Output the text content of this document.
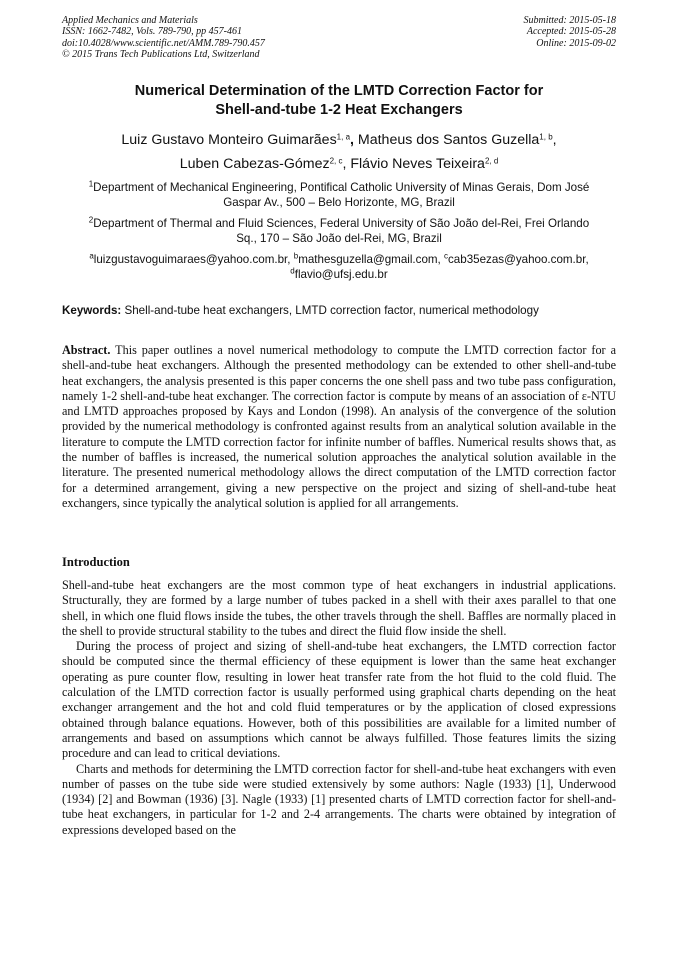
Applied Mechanics and Materials
ISSN: 1662-7482, Vols. 789-790, pp 457-461
doi:10.4028/www.scientific.net/AMM.789-790.457
© 2015 Trans Tech Publications Ltd, Switzerland
Submitted: 2015-05-18
Accepted: 2015-05-28
Online: 2015-09-02
Numerical Determination of the LMTD Correction Factor for
Shell-and-tube 1-2 Heat Exchangers
Luiz Gustavo Monteiro Guimarães$^{1, a}$, Matheus dos Santos Guzella$^{1, b}$,
Luben Cabezas-Gómez$^{2, c}$, Flávio Neves Teixeira$^{2, d}$
$^1$Department of Mechanical Engineering, Pontifical Catholic University of Minas Gerais, Dom José
Gaspar Av., 500 – Belo Horizonte, MG, Brazil
$^2$Department of Thermal and Fluid Sciences, Federal University of São João del-Rei, Frei Orlando
Sq., 170 – São João del-Rei, MG, Brazil
$^a$luizgustavoguimaraes@yahoo.com.br, $^b$mathesguzella@gmail.com, $^c$cab35ezas@yahoo.com.br,
$^d$flavio@ufsj.edu.br
Keywords: Shell-and-tube heat exchangers, LMTD correction factor, numerical methodology
Abstract. This paper outlines a novel numerical methodology to compute the LMTD correction factor for a shell-and-tube heat exchangers. Although the presented methodology can be extended to other shell-and-tube heat exchangers, the analysis presented is this paper concerns the one shell pass and two tube pass configuration, namely 1-2 shell-and-tube heat exchanger. The correction factor is compute by means of an association of ε-NTU and LMTD approaches proposed by Kays and London (1998). An analysis of the convergence of the solution provided by the numerical methodology is confronted against results from an analytical solution available in the literature to compute the LMTD correction factor for infinite number of baffles. Numerical results shows that, as the number of baffles is increased, the numerical solution approaches the analytical solution available in the literature. The presented numerical methodology allows the direct computation of the LMTD correction factor for a determined arrangement, giving a new perspective on the project and sizing of shell-and-tube heat exchangers, since typically the analytical solution is applied for all arrangements.
Introduction

Shell-and-tube heat exchangers are the most common type of heat exchangers in industrial applications. Structurally, they are formed by a large number of tubes packed in a shell with their axes parallel to that one shell, in which one fluid flows inside the tubes, the other travels through the shell. Baffles are normally placed in the shell to provide structural stability to the tubes and direct the fluid flow inside the shell.

During the process of project and sizing of shell-and-tube heat exchangers, the LMTD correction factor should be computed since the thermal efficiency of these equipment is lower than the same heat exchanger operating as pure counter flow, resulting in lower heat transfer rate from the hot fluid to the cold fluid. The calculation of the LMTD correction factor is usually performed using graphical charts depending on the heat exchanger arrangement and the hot and cold fluid temperatures or by the application of closed expressions obtained through balance equations. However, both of this possibilities are available for a limited number of arrangements and based on assumptions which cannot be always fulfilled. Those features limits the sizing procedure and can lead to critical deviations.

Charts and methods for determining the LMTD correction factor for shell-and-tube heat exchangers with even number of passes on the tube side were studied extensively by some authors: Nagle (1933) [1], Underwood (1934) [2] and Bowman (1936) [3]. Nagle (1933) [1] presented charts of LMTD correction factor for shell-and-tube heat exchangers, in particular for 1-2 and 2-4 arrangements. The charts were obtained by integration of expressions developed based on the
